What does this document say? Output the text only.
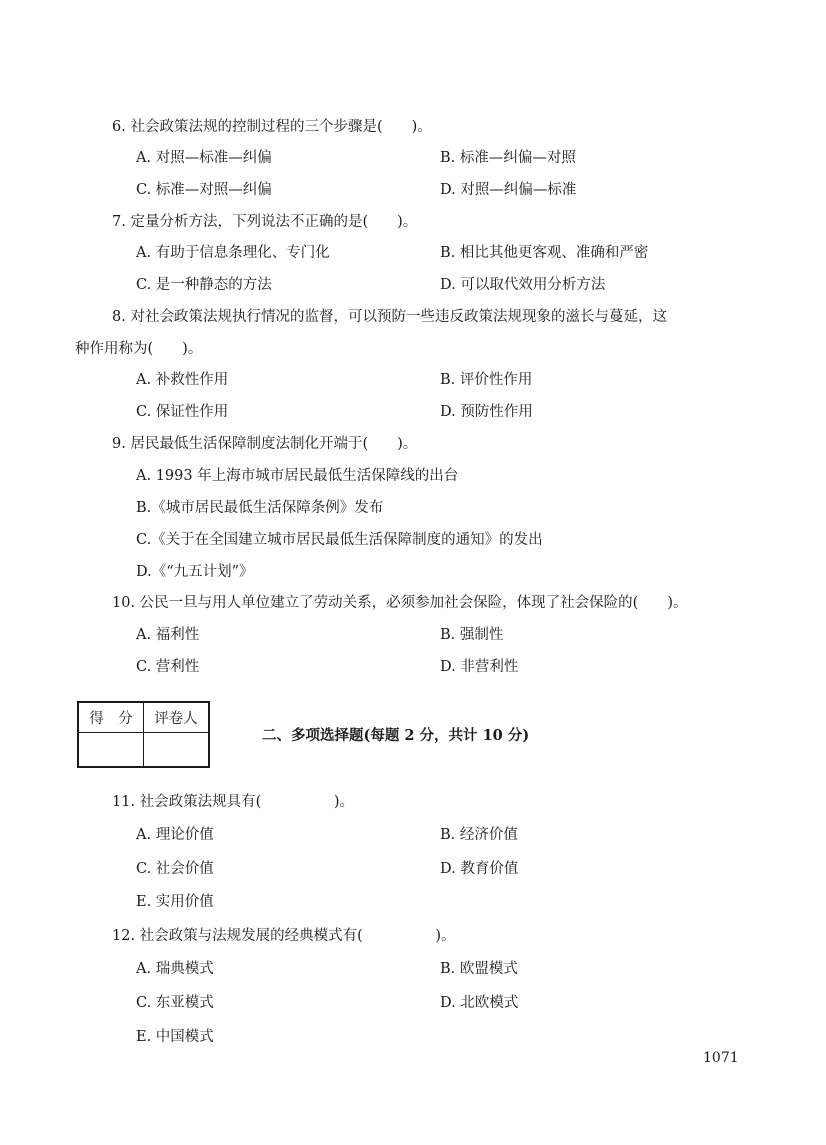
6. 社会政策法规的控制过程的三个步骤是(　　)。
A. 对照—标准—纠偏	B. 标准—纠偏—对照
C. 标准—对照—纠偏	D. 对照—纠偏—标准
7. 定量分析方法，下列说法不正确的是(　　)。
A. 有助于信息条理化、专门化	B. 相比其他更客观、准确和严密
C. 是一种静态的方法	D. 可以取代效用分析方法
8. 对社会政策法规执行情况的监督，可以预防一些违反政策法规现象的滋长与蔓延，这
种作用称为(　　)。
A. 补救性作用	B. 评价性作用
C. 保证性作用	D. 预防性作用
9. 居民最低生活保障制度法制化开端于(　　)。
A. 1993 年上海市城市居民最低生活保障线的出台
B.《城市居民最低生活保障条例》发布
C.《关于在全国建立城市居民最低生活保障制度的通知》的发出
D.《“九五计划”》
10. 公民一旦与用人单位建立了劳动关系，必须参加社会保险，体现了社会保险的(　　)。
A. 福利性	B. 强制性
C. 营利性	D. 非营利性
得　分	评卷人

二、多项选择题(每题 2 分，共计 10 分)
11. 社会政策法规具有(　　　　　)。
A. 理论价值	B. 经济价值
C. 社会价值	D. 教育价值
E. 实用价值
12. 社会政策与法规发展的经典模式有(　　　　　)。
A. 瑞典模式	B. 欧盟模式
C. 东亚模式	D. 北欧模式
E. 中国模式
1071
